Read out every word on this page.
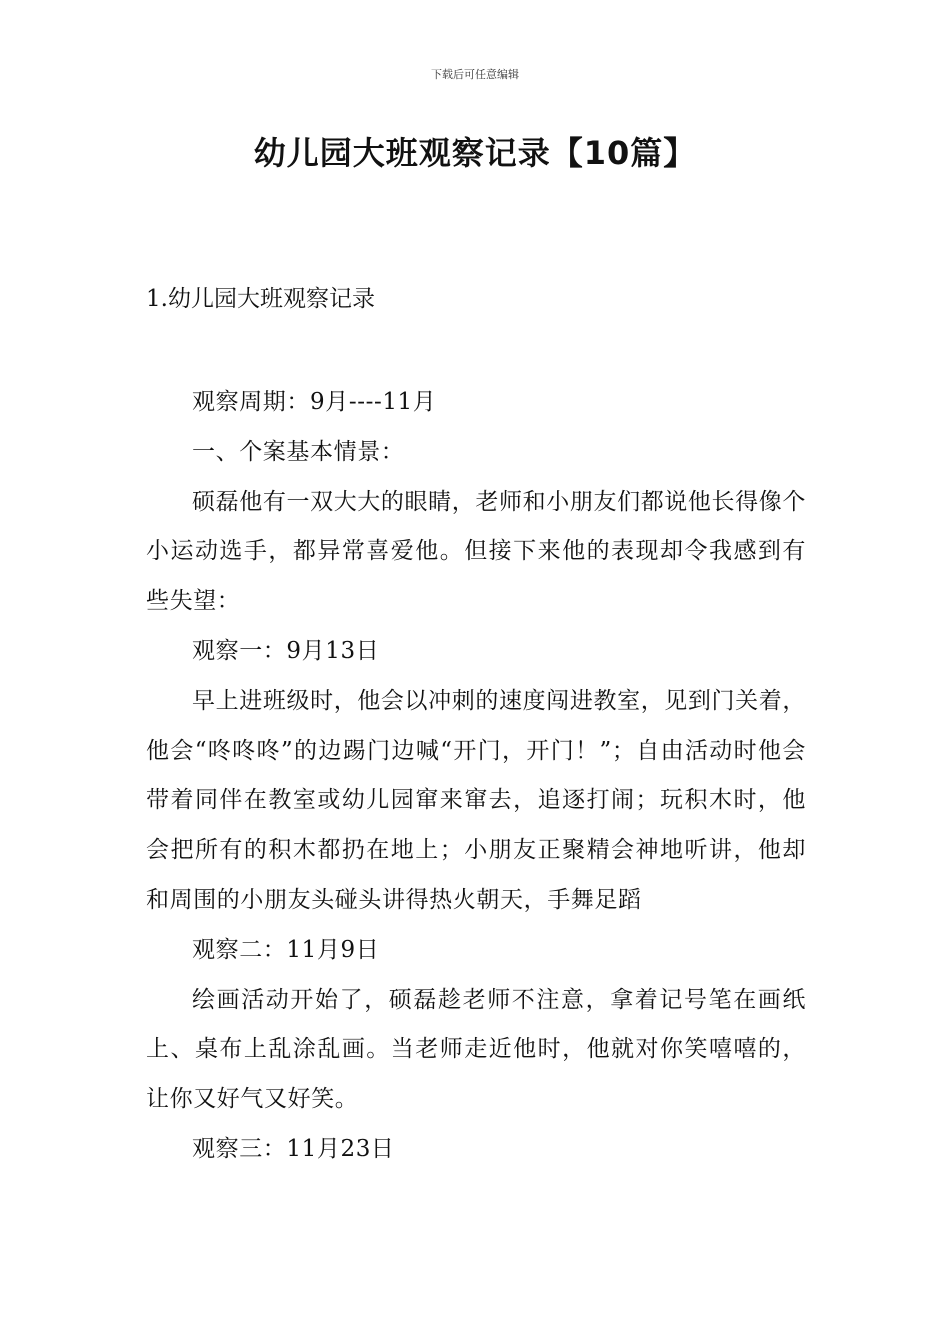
下载后可任意编辑
幼儿园大班观察记录【10篇】
1.幼儿园大班观察记录

观察周期：9月----11月

一、个案基本情景：

硕磊他有一双大大的眼睛，老师和小朋友们都说他长得像个小运动选手，都异常喜爱他。但接下来他的表现却令我感到有些失望：

观察一：9月13日

早上进班级时，他会以冲刺的速度闯进教室，见到门关着，他会“咚咚咚”的边踢门边喊“开门，开门！”；自由活动时他会带着同伴在教室或幼儿园窜来窜去，追逐打闹；玩积木时，他会把所有的积木都扔在地上；小朋友正聚精会神地听讲，他却和周围的小朋友头碰头讲得热火朝天，手舞足蹈

观察二：11月9日

绘画活动开始了，硕磊趁老师不注意，拿着记号笔在画纸上、桌布上乱涂乱画。当老师走近他时，他就对你笑嘻嘻的，让你又好气又好笑。

观察三：11月23日
